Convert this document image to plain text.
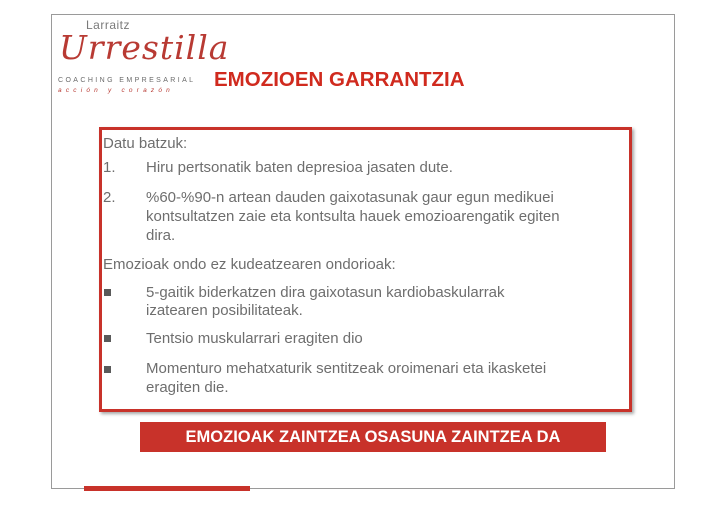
Larraitz
Urrestilla
COACHING EMPRESARIAL
acción y corazón EMOZIOEN GARRANTZIA
Datu batzuk:
1. Hiru pertsonatik baten depresioa jasaten dute.
2. %60-%90-n artean dauden gaixotasunak gaur egun medikuei
kontsultatzen zaie eta kontsulta hauek emozioarengatik egiten
dira.
Emozioak ondo ez kudeatzearen ondorioak:
5-gaitik biderkatzen dira gaixotasun kardiobaskularrak
izatearen posibilitateak.
Tentsio muskularrari eragiten dio
Momenturo mehatxaturik sentitzeak oroimenari eta ikasketei
eragiten die.
EMOZIOAK ZAINTZEA OSASUNA ZAINTZEA DA
